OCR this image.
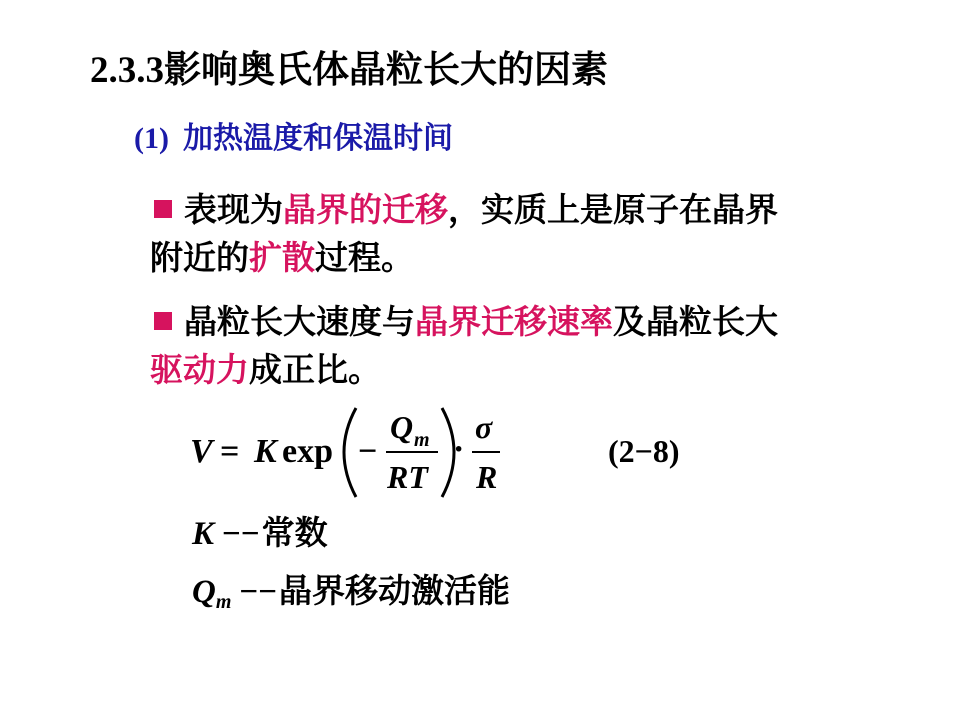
2.3.3影响奥氏体晶粒长大的因素
(1) 加热温度和保温时间
表现为晶界的迁移，实质上是原子在晶界附近的扩散过程。
晶粒长大速度与晶界迁移速率及晶粒长大驱动力成正比。
V = K exp −
Q m
RT
·
σ
R
(2−8)
K −−常数
$Q_m$ −−晶界移动激活能
